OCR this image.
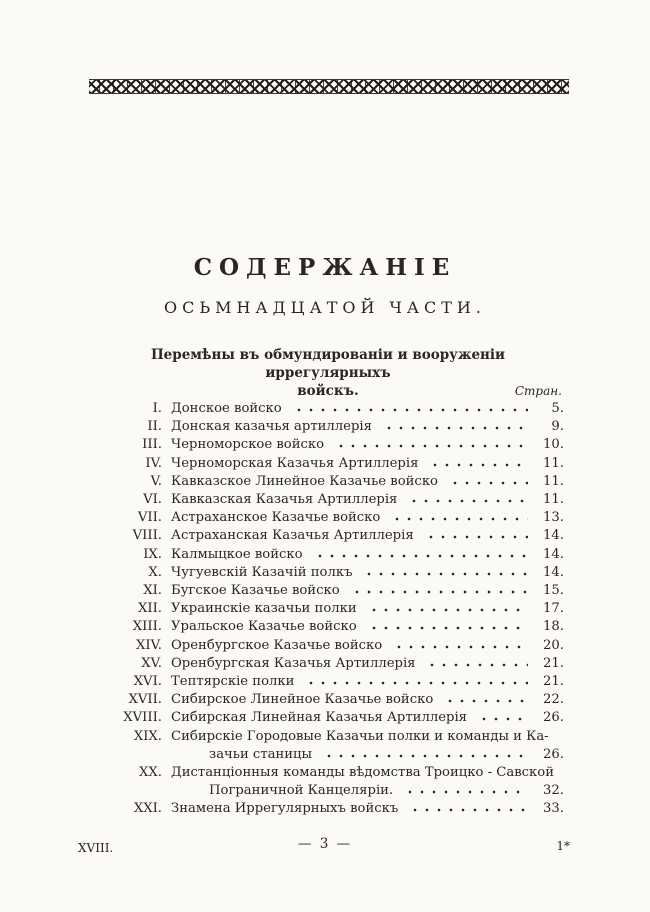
СОДЕРЖАНІЕ
ОСЬМНАДЦАТОЙ ЧАСТИ.
Перемѣны въ обмундированіи и вооруженіи иррегулярныхъ
войскъ.	Стран.
I. Донское войско	5.
II. Донская казачья артиллерія	9.
III. Черноморское войско	10.
IV. Черноморская Казачья Артиллерія	11.
V. Кавказское Линейное Казачье войско	11.
VI. Кавказская Казачья Артиллерія	11.
VII. Астраханское Казачье войско	13.
VIII. Астраханская Казачья Артиллерія	14.
IX. Калмыцкое войско	14.
X. Чугуевскій Казачій полкъ	14.
XI. Бугское Казачье войско	15.
XII. Украинскіе казачьи полки	17.
XIII. Уральское Казачье войско	18.
XIV. Оренбургское Казачье войско	20.
XV. Оренбургская Казачья Артиллерія	21.
XVI. Тептярскіе полки	21.
XVII. Сибирское Линейное Казачье войско	22.
XVIII. Сибирская Линейная Казачья Артиллерія	26.
XIX. Сибирскіе Городовые Казачьи полки и команды и Ка-
зачьи станицы	26.
XX. Дистанціонныя команды вѣдомства Троицко - Савской
Пограничной Канцеляріи.	32.
XXI. Знамена Иррегулярныхъ войскъ	33.
XVIII.	— 3 —	1*
